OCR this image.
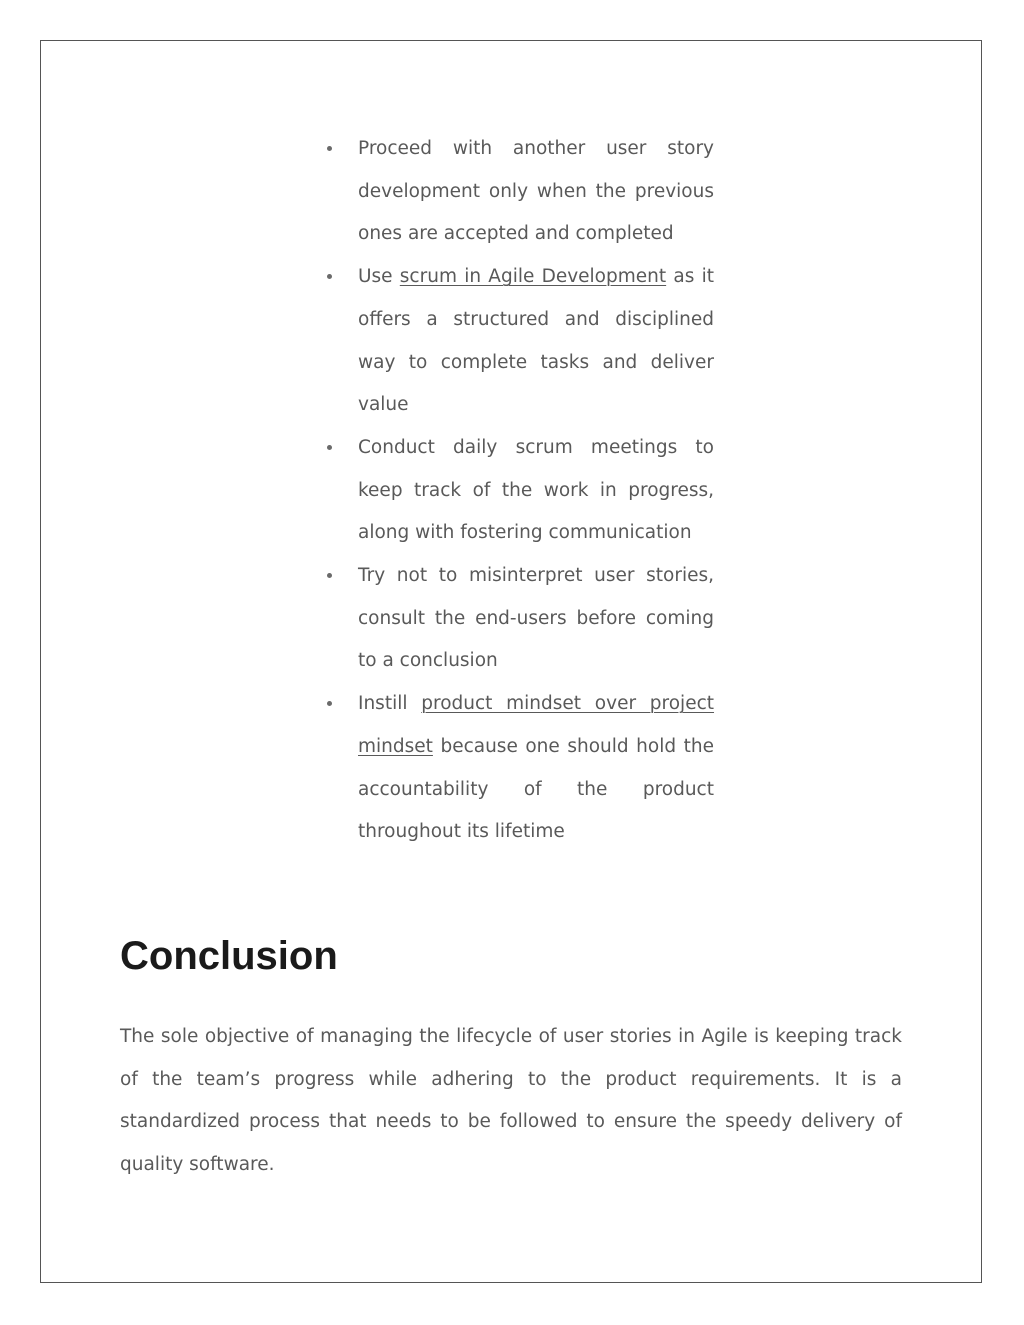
Proceed with another user story development only when the previous ones are accepted and completed
Use scrum in Agile Development as it offers a structured and disciplined way to complete tasks and deliver value
Conduct daily scrum meetings to keep track of the work in progress, along with fostering communication
Try not to misinterpret user stories, consult the end-users before coming to a conclusion
Instill product mindset over project mindset because one should hold the accountability of the product throughout its lifetime
Conclusion

The sole objective of managing the lifecycle of user stories in Agile is keeping track of the team’s progress while adhering to the product requirements. It is a standardized process that needs to be followed to ensure the speedy delivery of quality software.
